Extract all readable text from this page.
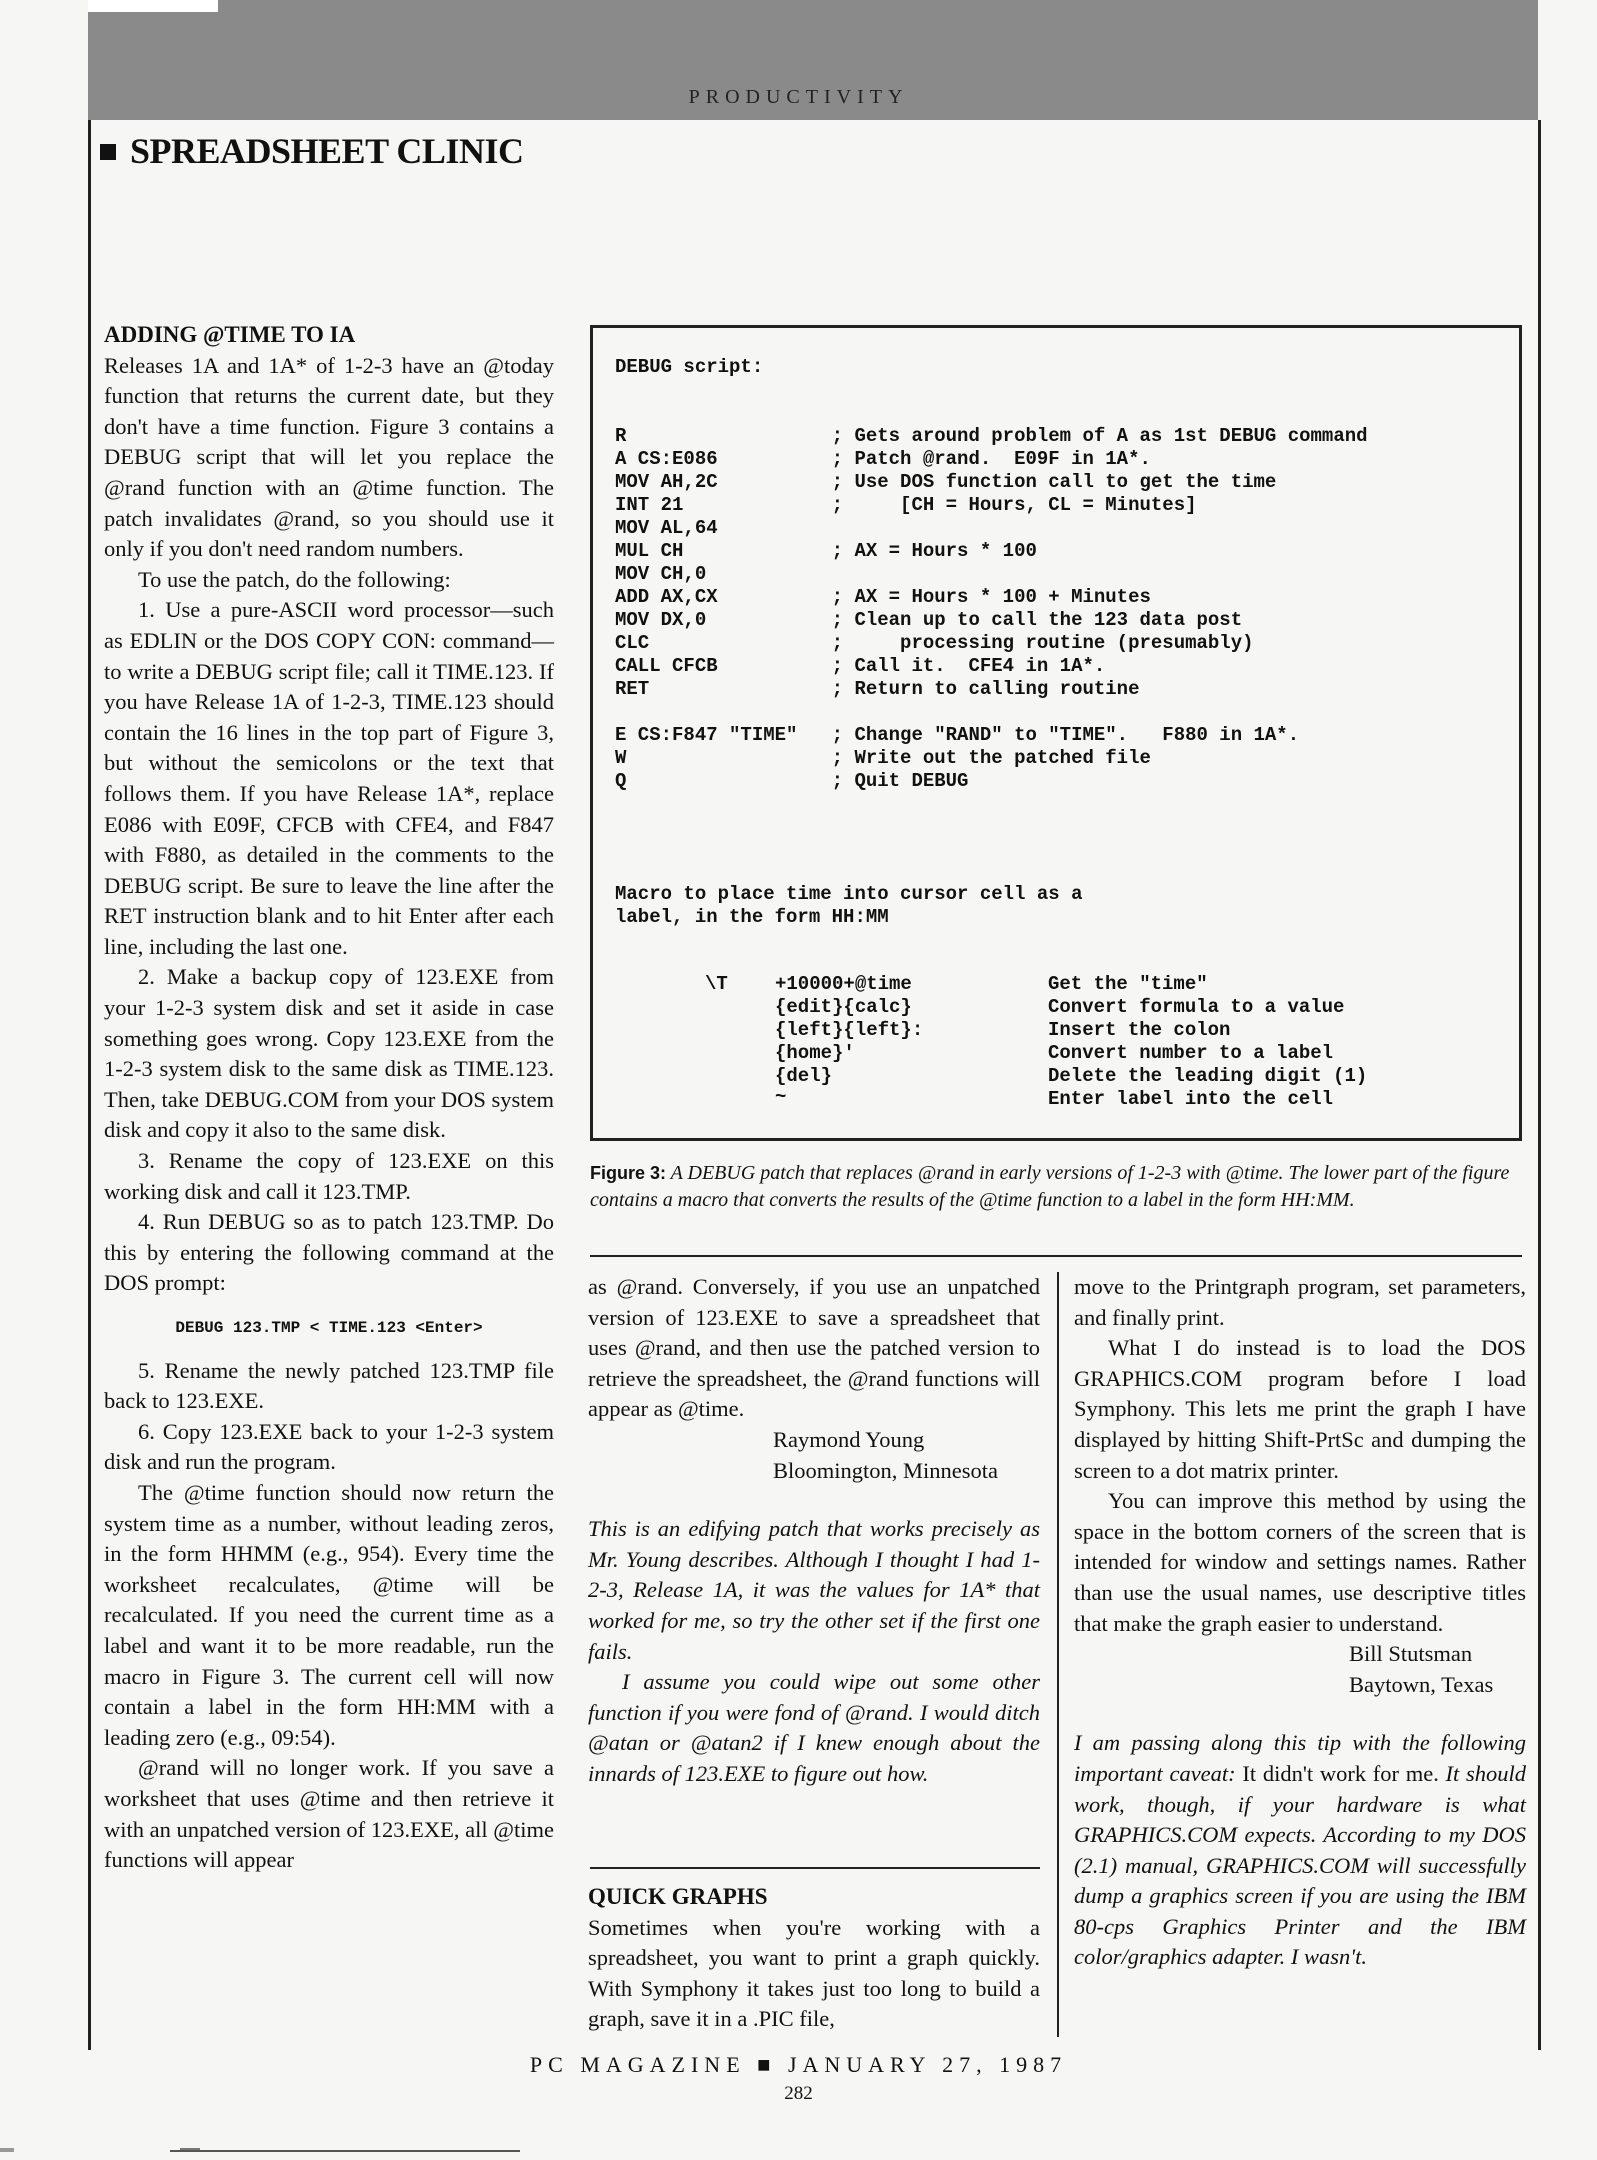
PRODUCTIVITY
SPREADSHEET CLINIC

ADDING @TIME TO IA

Releases 1A and 1A* of 1-2-3 have an @today function that returns the current date, but they don't have a time function. Figure 3 contains a DEBUG script that will let you replace the @rand function with an @time function. The patch invalidates @rand, so you should use it only if you don't need random numbers.

To use the patch, do the following:

1. Use a pure-ASCII word processor—such as EDLIN or the DOS COPY CON: command—to write a DEBUG script file; call it TIME.123. If you have Release 1A of 1-2-3, TIME.123 should contain the 16 lines in the top part of Figure 3, but without the semicolons or the text that follows them. If you have Release 1A*, replace E086 with E09F, CFCB with CFE4, and F847 with F880, as detailed in the comments to the DEBUG script. Be sure to leave the line after the RET instruction blank and to hit Enter after each line, including the last one.

2. Make a backup copy of 123.EXE from your 1-2-3 system disk and set it aside in case something goes wrong. Copy 123.EXE from the 1-2-3 system disk to the same disk as TIME.123. Then, take DEBUG.COM from your DOS system disk and copy it also to the same disk.

3. Rename the copy of 123.EXE on this working disk and call it 123.TMP.

4. Run DEBUG so as to patch 123.TMP. Do this by entering the following command at the DOS prompt:

DEBUG 123.TMP < TIME.123 <Enter>

5. Rename the newly patched 123.TMP file back to 123.EXE.

6. Copy 123.EXE back to your 1-2-3 system disk and run the program.

The @time function should now return the system time as a number, without leading zeros, in the form HHMM (e.g., 954). Every time the worksheet recalculates, @time will be recalculated. If you need the current time as a label and want it to be more readable, run the macro in Figure 3. The current cell will now contain a label in the form HH:MM with a leading zero (e.g., 09:54).

@rand will no longer work. If you save a worksheet that uses @time and then retrieve it with an unpatched version of 123.EXE, all @time functions will appear

DEBUG script:
R                  ; Gets around problem of A as 1st DEBUG command
A CS:E086          ; Patch @rand.  E09F in 1A*.
MOV AH,2C          ; Use DOS function call to get the time
INT 21             ;     [CH = Hours, CL = Minutes]
MOV AL,64
MUL CH             ; AX = Hours * 100
MOV CH,0
ADD AX,CX          ; AX = Hours * 100 + Minutes
MOV DX,0           ; Clean up to call the 123 data post
CLC                ;     processing routine (presumably)
CALL CFCB          ; Call it.  CFE4 in 1A*.
RET                ; Return to calling routine
E CS:F847 "TIME"   ; Change "RAND" to "TIME".   F880 in 1A*.
W                  ; Write out the patched file
Q                  ; Quit DEBUG
Macro to place time into cursor cell as a
label, in the form HH:MM
\T +10000+@time
{edit}{calc}
{left}{left}:
{home}'
{del}
~
Get the "time"
Convert formula to a value
Insert the colon
Convert number to a label
Delete the leading digit (1)
Enter label into the cell
Figure 3: A DEBUG patch that replaces @rand in early versions of 1-2-3 with @time. The lower part of the figure contains a macro that converts the results of the @time function to a label in the form HH:MM.

as @rand. Conversely, if you use an unpatched version of 123.EXE to save a spreadsheet that uses @rand, and then use the patched version to retrieve the spreadsheet, the @rand functions will appear as @time.

Raymond Young

Bloomington, Minnesota

This is an edifying patch that works precisely as Mr. Young describes. Although I thought I had 1-2-3, Release 1A, it was the values for 1A* that worked for me, so try the other set if the first one fails.

I assume you could wipe out some other function if you were fond of @rand. I would ditch @atan or @atan2 if I knew enough about the innards of 123.EXE to figure out how.

QUICK GRAPHS

Sometimes when you're working with a spreadsheet, you want to print a graph quickly. With Symphony it takes just too long to build a graph, save it in a .PIC file,

move to the Printgraph program, set parameters, and finally print.

What I do instead is to load the DOS GRAPHICS.COM program before I load Symphony. This lets me print the graph I have displayed by hitting Shift-PrtSc and dumping the screen to a dot matrix printer.

You can improve this method by using the space in the bottom corners of the screen that is intended for window and settings names. Rather than use the usual names, use descriptive titles that make the graph easier to understand.

Bill Stutsman

Baytown, Texas

I am passing along this tip with the following important caveat: It didn't work for me. It should work, though, if your hardware is what GRAPHICS.COM expects. According to my DOS (2.1) manual, GRAPHICS.COM will successfully dump a graphics screen if you are using the IBM 80-cps Graphics Printer and the IBM color/graphics adapter. I wasn't.

PC MAGAZINE ■ JANUARY 27, 1987
282
